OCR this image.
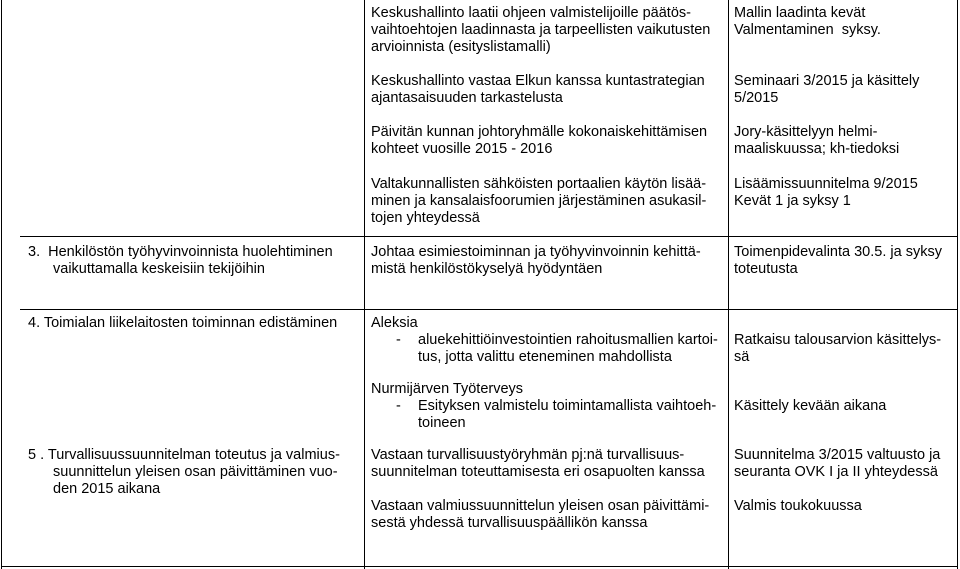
Keskushallinto laatii ohjeen valmistelijoille päätös-
vaihtoehtojen laadinnasta ja tarpeellisten vaikutusten
arvioinnista (esityslistamalli)
Keskushallinto vastaa Elkun kanssa kuntastrategian
ajantasaisuuden tarkastelusta
Päivitän kunnan johtoryhmälle kokonaiskehittämisen
kohteet vuosille 2015 - 2016
Valtakunnallisten sähköisten portaalien käytön lisää-
minen ja kansalaisfoorumien järjestäminen asukasil-
tojen yhteydessä
Mallin laadinta kevät
Valmentaminen  syksy.
Seminaari 3/2015 ja käsittely
5/2015
Jory-käsittelyyn helmi-
maaliskuussa; kh-tiedoksi
Lisäämissuunnitelma 9/2015
Kevät 1 ja syksy 1
3.  Henkilöstön työhyvinvoinnista huolehtiminen
vaikuttamalla keskeisiin tekijöihin
Johtaa esimiestoiminnan ja työhyvinvoinnin kehittä-
mistä henkilöstökyselyä hyödyntäen
Toimenpidevalinta 30.5. ja syksy
toteutusta
4. Toimialan liikelaitosten toiminnan edistäminen Aleksia
- aluekehittiöinvestointien rahoitusmallien kartoi-
tus, jotta valittu eteneminen mahdollista
Nurmijärven Työterveys
- Esityksen valmistelu toimintamallista vaihtoeh-
toineen
Ratkaisu talousarvion käsittelys-
sä
Käsittely kevään aikana
5 . Turvallisuussuunnitelman toteutus ja valmius-
suunnittelun yleisen osan päivittäminen vuo-
den 2015 aikana
Vastaan turvallisuustyöryhmän pj:nä turvallisuus-
suunnitelman toteuttamisesta eri osapuolten kanssa
Vastaan valmiussuunnittelun yleisen osan päivittämi-
sestä yhdessä turvallisuuspäällikön kanssa
Suunnitelma 3/2015 valtuusto ja
seuranta OVK I ja II yhteydessä
Valmis toukokuussa
